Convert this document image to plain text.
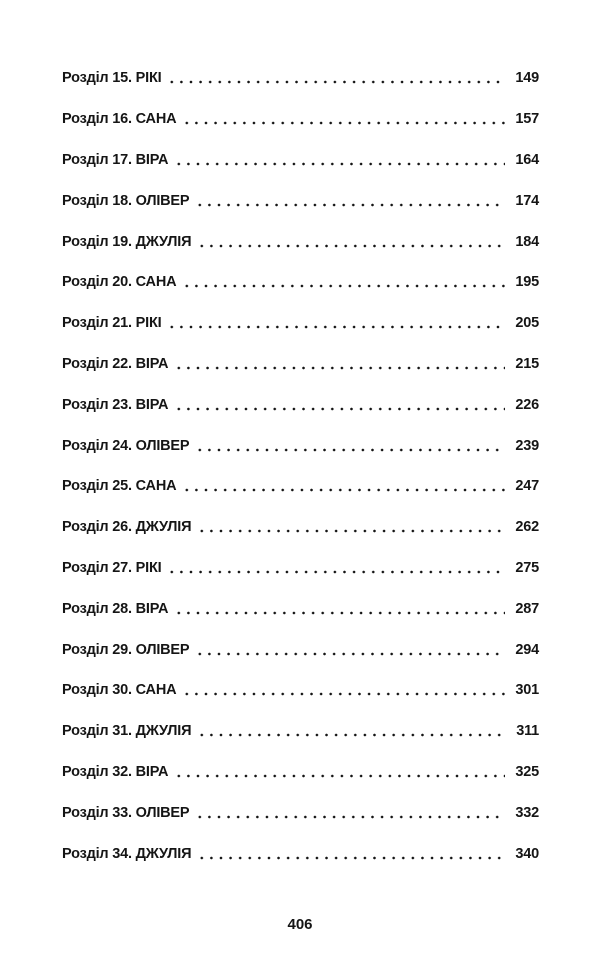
Розділ 15. РІКІ	149
Розділ 16. САНА	157
Розділ 17. ВІРА	164
Розділ 18. ОЛІВЕР	174
Розділ 19. ДЖУЛІЯ	184
Розділ 20. САНА	195
Розділ 21. РІКІ	205
Розділ 22. ВІРА	215
Розділ 23. ВІРА	226
Розділ 24. ОЛІВЕР	239
Розділ 25. САНА	247
Розділ 26. ДЖУЛІЯ	262
Розділ 27. РІКІ	275
Розділ 28. ВІРА	287
Розділ 29. ОЛІВЕР	294
Розділ 30. САНА	301
Розділ 31. ДЖУЛІЯ	311
Розділ 32. ВІРА	325
Розділ 33. ОЛІВЕР	332
Розділ 34. ДЖУЛІЯ	340
406
